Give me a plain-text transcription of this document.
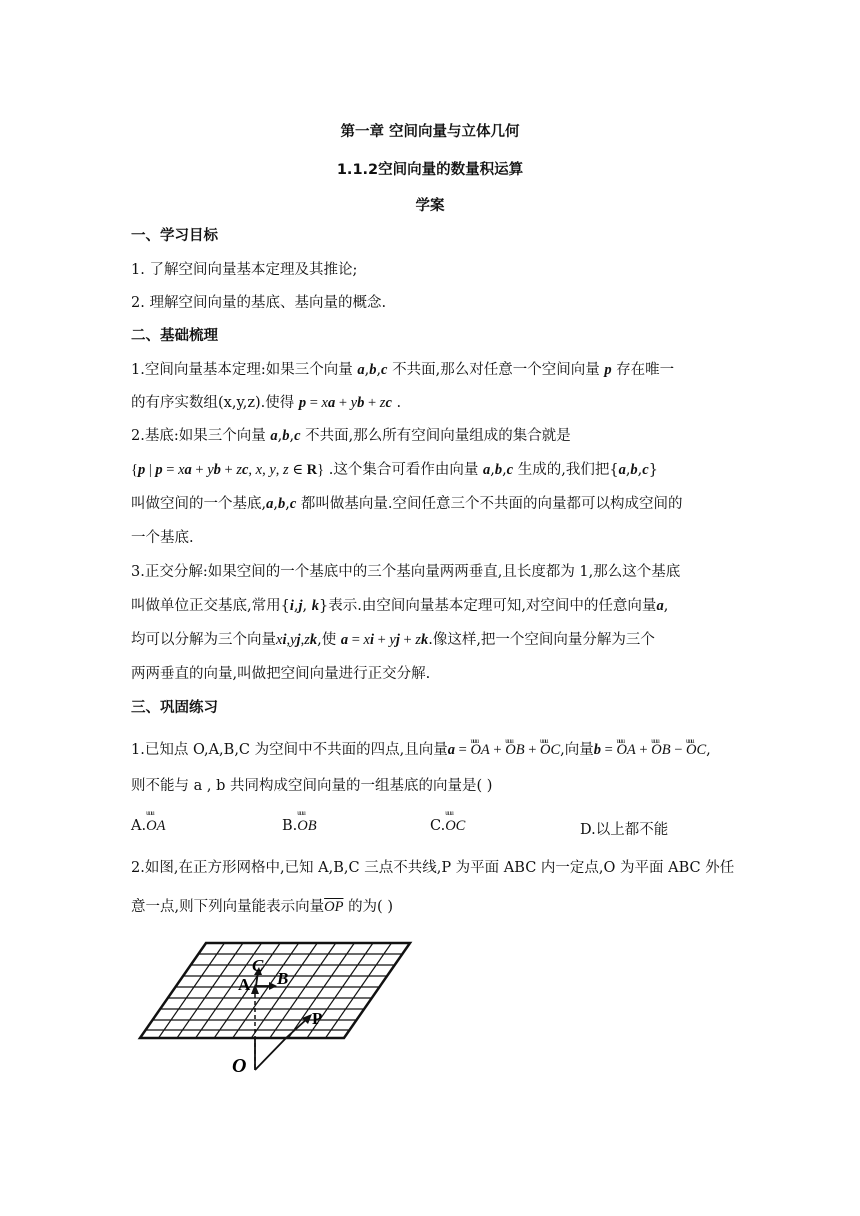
第一章 空间向量与立体几何
1.1.2空间向量的数量积运算
学案
一、学习目标
1. 了解空间向量基本定理及其推论;
2. 理解空间向量的基底、基向量的概念.
二、基础梳理
1.空间向量基本定理:如果三个向量 a,b,c 不共面,那么对任意一个空间向量 p 存在唯一
的有序实数组(x,y,z).使得 p = xa + yb + zc .
2.基底:如果三个向量 a,b,c 不共面,那么所有空间向量组成的集合就是
{p | p = xa + yb + zc, x, y, z ∈ R} .这个集合可看作由向量 a,b,c 生成的,我们把{a,b,c}
叫做空间的一个基底,a,b,c 都叫做基向量.空间任意三个不共面的向量都可以构成空间的
一个基底.
3.正交分解:如果空间的一个基底中的三个基向量两两垂直,且长度都为 1,那么这个基底
叫做单位正交基底,常用{i,j, k}表示.由空间向量基本定理可知,对空间中的任意向量a,
均可以分解为三个向量xi,yj,zk,使 a = xi + yj + zk.像这样,把一个空间向量分解为三个
两两垂直的向量,叫做把空间向量进行正交分解.
三、巩固练习
1.已知点 O,A,B,C 为空间中不共面的四点,且向量a = uuu OA + uuu OB + uuu OC,向量b = uuu OA + uuu OB − uuu OC,
则不能与 a , b 共同构成空间向量的一组基底的向量是( )
A.uuu OA	B.uuu OB	C.uuu OC	D.以上都不能
2.如图,在正方形网格中,已知 A,B,C 三点不共线,P 为平面 ABC 内一定点,O 为平面 ABC 外任
意一点,则下列向量能表示向量$\overline{OP}$ 的为( )
C
A B
P
O
